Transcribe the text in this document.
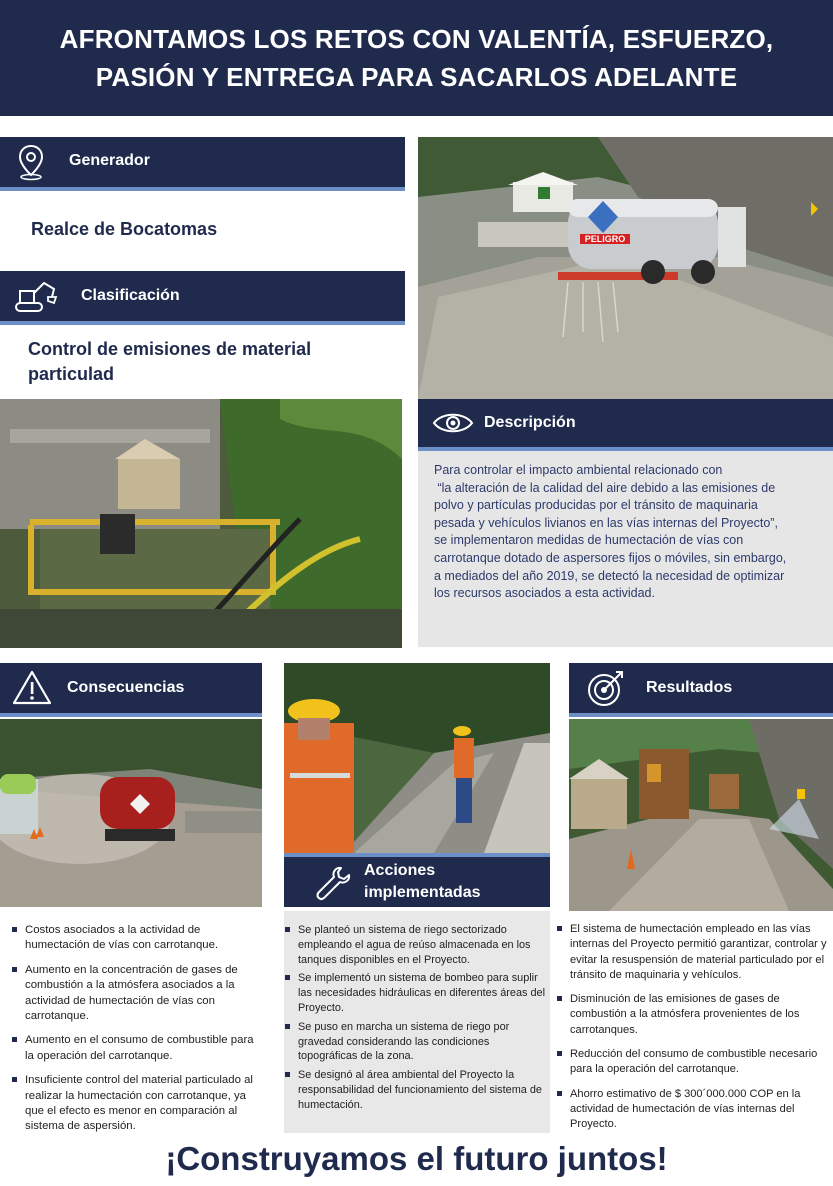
AFRONTAMOS LOS RETOS CON VALENTÍA, ESFUERZO,
PASIÓN Y ENTREGA PARA SACARLOS ADELANTE
Generador
Realce de Bocatomas
Clasificación
Control de emisiones de material
particulad
PELIGRO
Descripción
Para controlar el impacto ambiental relacionado con
“la alteración de la calidad del aire debido a las emisiones de
polvo y partículas producidas por el tránsito de maquinaria
pesada y vehículos livianos en las vías internas del Proyecto”,
se implementaron medidas de humectación de vías con
carrotanque dotado de aspersores fijos o móviles, sin embargo,
a mediados del año 2019, se detectó la necesidad de optimizar
los recursos asociados a esta actividad.
Consecuencias
Costos asociados a la actividad de humectación de vías con carrotanque.
Aumento en la concentración de gases de combustión a la atmósfera asociados a la actividad de humectación de vías con carrotanque.
Aumento en el consumo de combustible para la operación del carrotanque.
Insuficiente control del material particulado al realizar la humectación con carrotanque, ya que el efecto es menor en comparación al sistema de aspersión.
Acciones
implementadas
Se planteó un sistema de riego sectorizado empleando el agua de reúso almacenada en los tanques disponibles en el Proyecto.
Se implementó un sistema de bombeo para suplir las necesidades hidráulicas en diferentes áreas del Proyecto.
Se puso en marcha un sistema de riego por gravedad considerando las condiciones topográficas de la zona.
Se designó al área ambiental del Proyecto la responsabilidad del funcionamiento del sistema de humectación.
Resultados
El sistema de humectación empleado en las vías internas del Proyecto permitió garantizar, controlar y evitar la resuspensión de material particulado por el tránsito de maquinaria y vehículos.
Disminución de las emisiones de gases de combustión a la atmósfera provenientes de los carrotanques.
Reducción del consumo de combustible necesario para la operación del carrotanque.
Ahorro estimativo de $ 300´000.000 COP en la actividad de humectación de vías internas del Proyecto.
¡Construyamos el futuro juntos!
